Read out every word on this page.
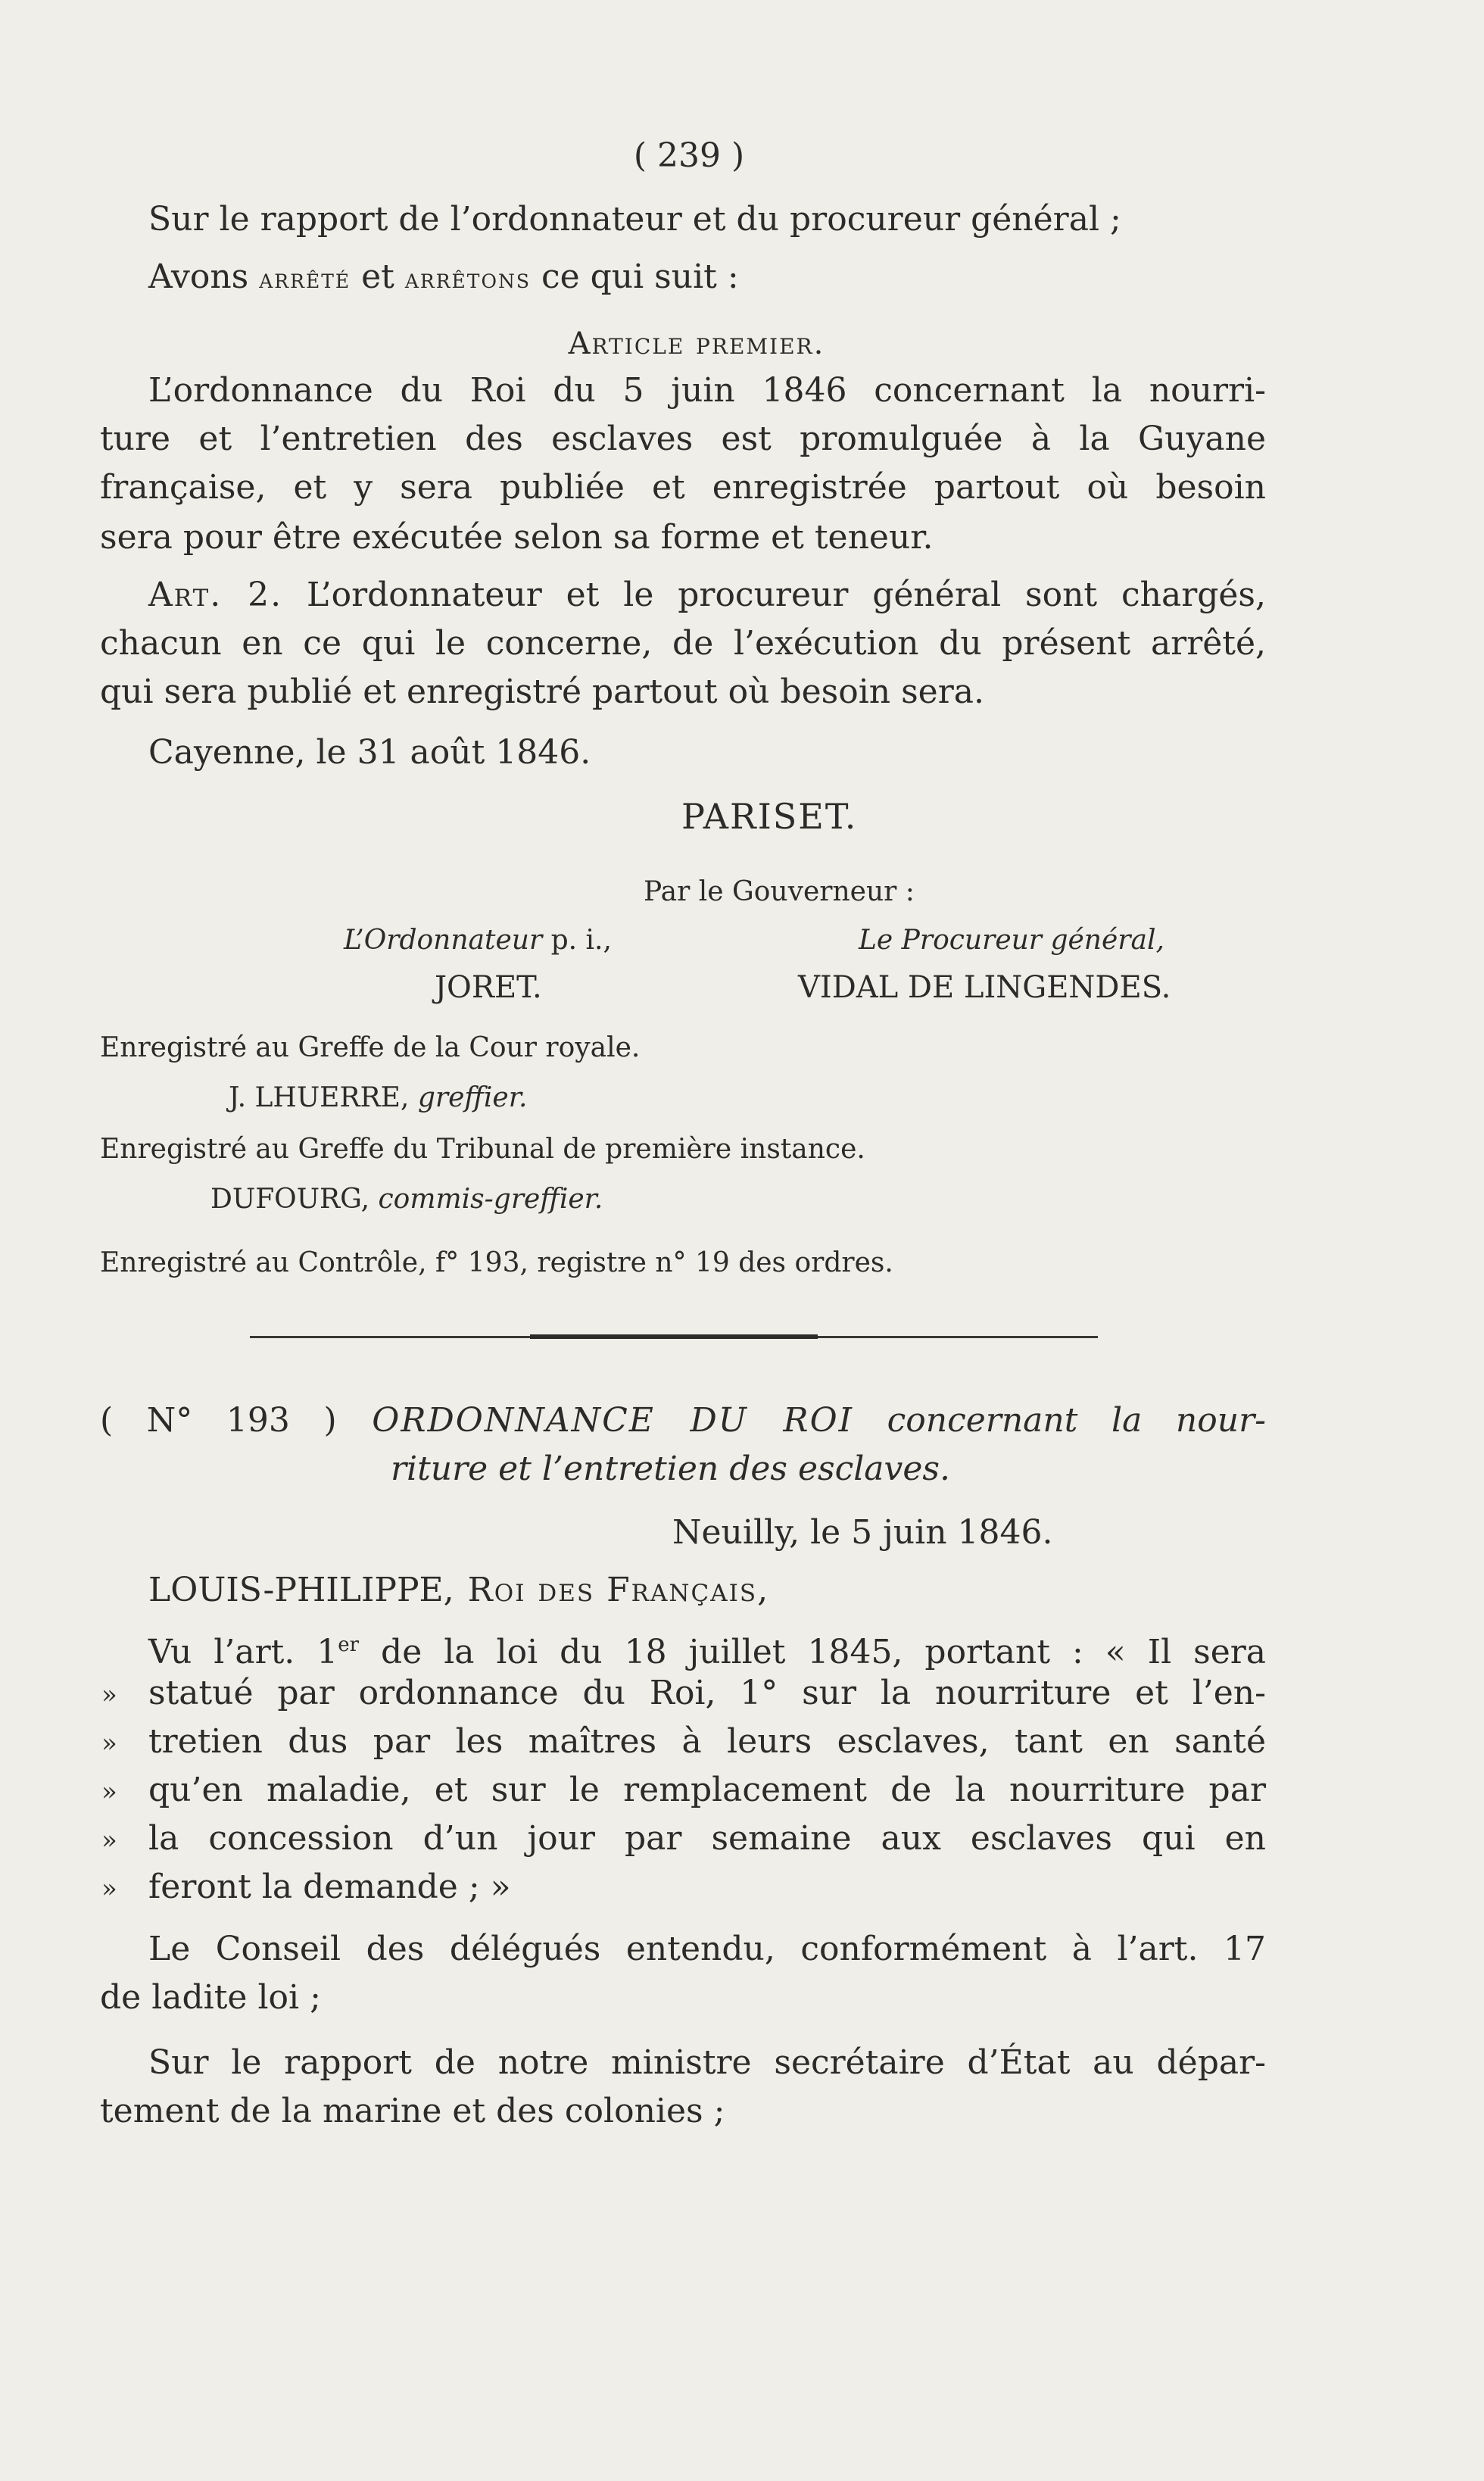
( 239 )
Sur le rapport de l’ordonnateur et du procureur général ;
Avons arrêté et arrêtons ce qui suit :
Article premier.
L’ordonnance du Roi du 5 juin 1846 concernant la nourri-
ture et l’entretien des esclaves est promulguée à la Guyane
française, et y sera publiée et enregistrée partout où besoin
sera pour être exécutée selon sa forme et teneur.
Art. 2. L’ordonnateur et le procureur général sont chargés,
chacun en ce qui le concerne, de l’exécution du présent arrêté,
qui sera publié et enregistré partout où besoin sera.
Cayenne, le 31 août 1846.
PARISET.
Par le Gouverneur :
L’Ordonnateur p. i.,	Le Procureur général,
JORET.	VIDAL DE LINGENDES.
Enregistré au Greffe de la Cour royale.
J. LHUERRE, greffier.
Enregistré au Greffe du Tribunal de première instance.
DUFOURG, commis-greffier.
Enregistré au Contrôle, f° 193, registre n° 19 des ordres.
( N° 193 ) ORDONNANCE DU ROI concernant la nour-
riture et l’entretien des esclaves.
Neuilly, le 5 juin 1846.
LOUIS-PHILIPPE, Roi des Français,
Vu l’art. 1er de la loi du 18 juillet 1845, portant : « Il sera
» statué par ordonnance du Roi, 1° sur la nourriture et l’en-
» tretien dus par les maîtres à leurs esclaves, tant en santé
» qu’en maladie, et sur le remplacement de la nourriture par
» la concession d’un jour par semaine aux esclaves qui en
» feront la demande ; »
Le Conseil des délégués entendu, conformément à l’art. 17
de ladite loi ;
Sur le rapport de notre ministre secrétaire d’État au dépar-
tement de la marine et des colonies ;
